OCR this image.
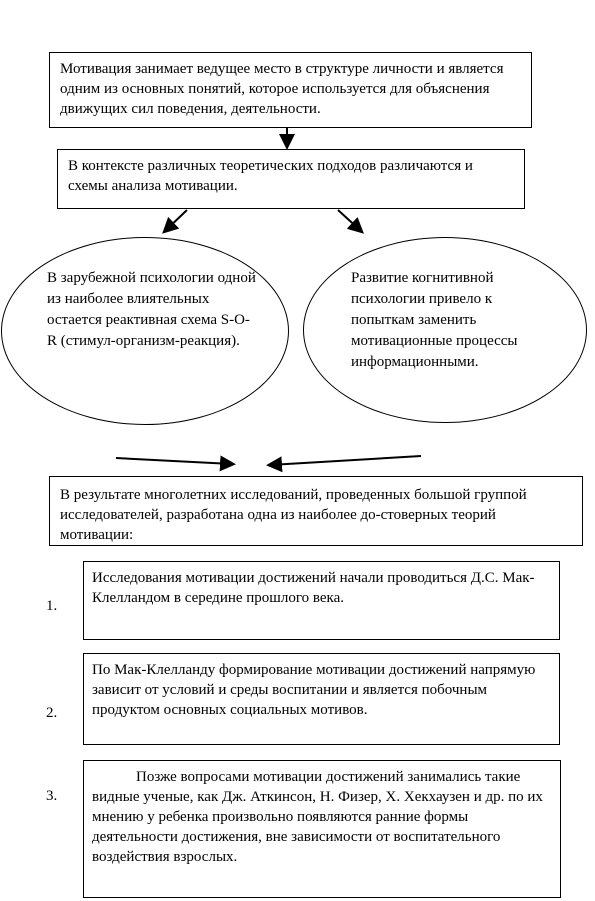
Мотивация занимает ведущее место в структуре личности и является одним из основных понятий, которое используется для объяснения движущих сил поведения, деятельности.
В контексте различных теоретических подходов различаются и схемы анализа мотивации.
В зарубежной психологии одной из наиболее влиятельных остается реактивная схема S-O-R (стимул-организм-реакция).
Развитие когнитивной психологии привело к попыткам заменить мотивационные процессы информационными.
В результате многолетних исследований, проведенных большой группой исследователей, разработана одна из наиболее до-стоверных теорий мотивации:
1.
Исследования мотивации достижений начали проводиться Д.С. Мак-Клелландом в середине прошлого века.
2.
По Мак-Клелланду формирование мотивации достижений напрямую зависит от условий и среды воспитании и является побочным продуктом основных социальных мотивов.
3.
Позже вопросами мотивации достижений занимались такие видные ученые, как Дж. Аткинсон, Н. Физер, Х. Хекхаузен и др. по их мнению у ребенка произвольно появляются ранние формы деятельности достижения, вне зависимости от воспитательного воздействия взрослых.
